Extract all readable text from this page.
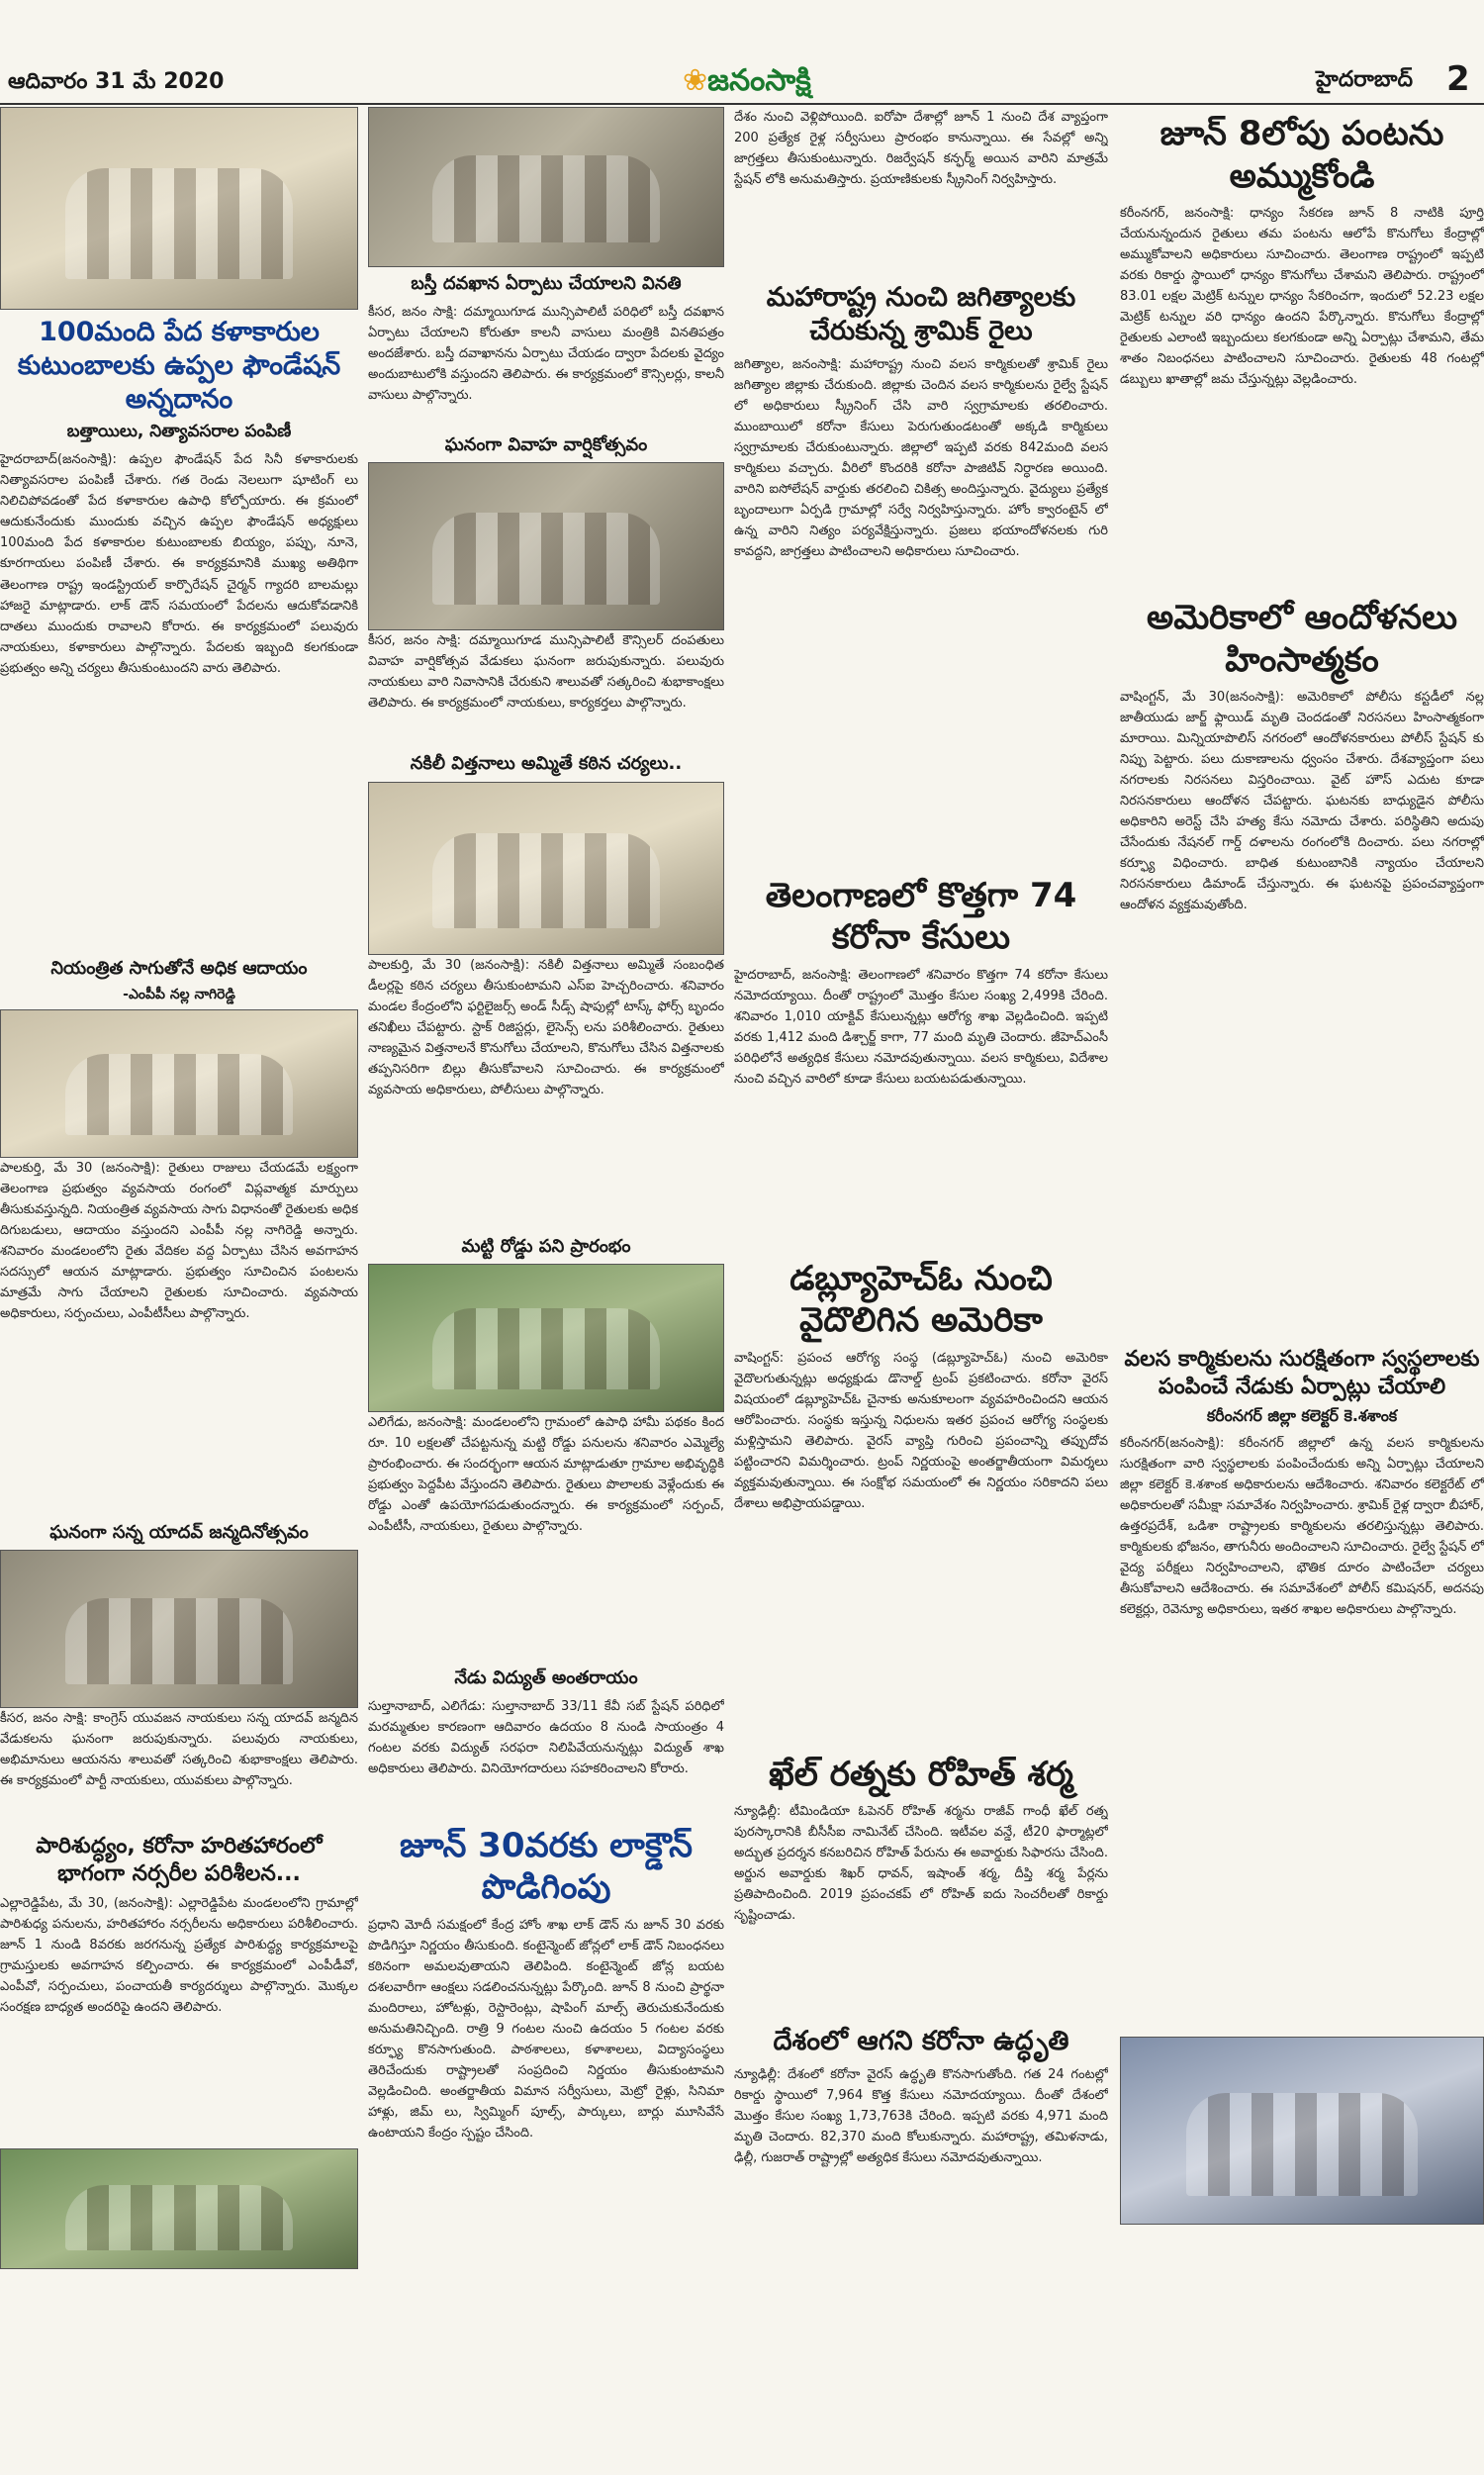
ఆదివారం 31 మే 2020	❀జనంసాక్షి	హైదరాబాద్ 2
100మంది పేద కళాకారుల కుటుంబాలకు ఉప్పల ఫౌండేషన్ అన్నదానం
బత్తాయిలు, నిత్యావసరాల పంపిణీ

హైదరాబాద్(జనంసాక్షి): ఉప్పల ఫౌండేషన్ పేద సినీ కళాకారులకు నిత్యావసరాల పంపిణీ చేశారు. గత రెండు నెలలుగా షూటింగ్ లు నిలిచిపోవడంతో పేద కళాకారుల ఉపాధి కోల్పోయారు. ఈ క్రమంలో ఆదుకునేందుకు ముందుకు వచ్చిన ఉప్పల ఫౌండేషన్ అధ్యక్షులు 100మంది పేద కళాకారుల కుటుంబాలకు బియ్యం, పప్పు, నూనె, కూరగాయలు పంపిణీ చేశారు. ఈ కార్యక్రమానికి ముఖ్య అతిథిగా తెలంగాణ రాష్ట్ర ఇండస్ట్రియల్ కార్పొరేషన్ చైర్మన్ గ్యాదరి బాలమల్లు హాజరై మాట్లాడారు. లాక్ డౌన్ సమయంలో పేదలను ఆదుకోవడానికి దాతలు ముందుకు రావాలని కోరారు. ఈ కార్యక్రమంలో పలువురు నాయకులు, కళాకారులు పాల్గొన్నారు. పేదలకు ఇబ్బంది కలగకుండా ప్రభుత్వం అన్ని చర్యలు తీసుకుంటుందని వారు తెలిపారు.

నియంత్రిత సాగుతోనే అధిక ఆదాయం
-ఎంపీపీ నల్ల నాగిరెడ్డి

పాలకుర్తి, మే 30 (జనంసాక్షి): రైతులు రాజులు చేయడమే లక్ష్యంగా తెలంగాణ ప్రభుత్వం వ్యవసాయ రంగంలో విప్లవాత్మక మార్పులు తీసుకువస్తున్నది. నియంత్రిత వ్యవసాయ సాగు విధానంతో రైతులకు అధిక దిగుబడులు, ఆదాయం వస్తుందని ఎంపీపీ నల్ల నాగిరెడ్డి అన్నారు. శనివారం మండలంలోని రైతు వేదికల వద్ద ఏర్పాటు చేసిన అవగాహన సదస్సులో ఆయన మాట్లాడారు. ప్రభుత్వం సూచించిన పంటలను మాత్రమే సాగు చేయాలని రైతులకు సూచించారు. వ్యవసాయ అధికారులు, సర్పంచులు, ఎంపీటీసీలు పాల్గొన్నారు.

ఘనంగా సన్న యాదవ్ జన్మదినోత్సవం

కీసర, జనం సాక్షి: కాంగ్రెస్ యువజన నాయకులు సన్న యాదవ్ జన్మదిన వేడుకలను ఘనంగా జరుపుకున్నారు. పలువురు నాయకులు, అభిమానులు ఆయనను శాలువతో సత్కరించి శుభాకాంక్షలు తెలిపారు. ఈ కార్యక్రమంలో పార్టీ నాయకులు, యువకులు పాల్గొన్నారు.

పారిశుద్ధ్యం, కరోనా హరితహారంలో భాగంగా నర్సరీల పరిశీలన...

ఎల్లారెడ్డిపేట, మే 30, (జనంసాక్షి): ఎల్లారెడ్డిపేట మండలంలోని గ్రామాల్లో పారిశుధ్య పనులను, హరితహారం నర్సరీలను అధికారులు పరిశీలించారు. జూన్ 1 నుండి 8వరకు జరగనున్న ప్రత్యేక పారిశుద్ధ్య కార్యక్రమాలపై గ్రామస్తులకు అవగాహన కల్పించారు. ఈ కార్యక్రమంలో ఎంపీడీవో, ఎంపీవో, సర్పంచులు, పంచాయతీ కార్యదర్శులు పాల్గొన్నారు. మొక్కల సంరక్షణ బాధ్యత అందరిపై ఉందని తెలిపారు.

బస్తీ దవఖాన ఏర్పాటు చేయాలని వినతి

కీసర, జనం సాక్షి: దమ్మాయిగూడ మున్సిపాలిటీ పరిధిలో బస్తీ దవఖాన ఏర్పాటు చేయాలని కోరుతూ కాలనీ వాసులు మంత్రికి వినతిపత్రం అందజేశారు. బస్తీ దవాఖానను ఏర్పాటు చేయడం ద్వారా పేదలకు వైద్యం అందుబాటులోకి వస్తుందని తెలిపారు. ఈ కార్యక్రమంలో కౌన్సిలర్లు, కాలనీ వాసులు పాల్గొన్నారు.

ఘనంగా వివాహ వార్షికోత్సవం

కీసర, జనం సాక్షి: దమ్మాయిగూడ మున్సిపాలిటీ కౌన్సిలర్ దంపతులు వివాహ వార్షికోత్సవ వేడుకలు ఘనంగా జరుపుకున్నారు. పలువురు నాయకులు వారి నివాసానికి చేరుకుని శాలువతో సత్కరించి శుభాకాంక్షలు తెలిపారు. ఈ కార్యక్రమంలో నాయకులు, కార్యకర్తలు పాల్గొన్నారు.

నకిలీ విత్తనాలు అమ్మితే కఠిన చర్యలు..

పాలకుర్తి, మే 30 (జనంసాక్షి): నకిలీ విత్తనాలు అమ్మితే సంబంధిత డీలర్లపై కఠిన చర్యలు తీసుకుంటామని ఎస్ఐ హెచ్చరించారు. శనివారం మండల కేంద్రంలోని ఫర్టిలైజర్స్ అండ్ సీడ్స్ షాపుల్లో టాస్క్ ఫోర్స్ బృందం తనిఖీలు చేపట్టారు. స్టాక్ రిజిస్టర్లు, లైసెన్స్ లను పరిశీలించారు. రైతులు నాణ్యమైన విత్తనాలనే కొనుగోలు చేయాలని, కొనుగోలు చేసిన విత్తనాలకు తప్పనిసరిగా బిల్లు తీసుకోవాలని సూచించారు. ఈ కార్యక్రమంలో వ్యవసాయ అధికారులు, పోలీసులు పాల్గొన్నారు.

మట్టి రోడ్డు పని ప్రారంభం

ఎలిగేడు, జనంసాక్షి: మండలంలోని గ్రామంలో ఉపాధి హామీ పథకం కింద రూ. 10 లక్షలతో చేపట్టనున్న మట్టి రోడ్డు పనులను శనివారం ఎమ్మెల్యే ప్రారంభించారు. ఈ సందర్భంగా ఆయన మాట్లాడుతూ గ్రామాల అభివృద్ధికి ప్రభుత్వం పెద్దపీట వేస్తుందని తెలిపారు. రైతులు పొలాలకు వెళ్లేందుకు ఈ రోడ్డు ఎంతో ఉపయోగపడుతుందన్నారు. ఈ కార్యక్రమంలో సర్పంచ్, ఎంపీటీసీ, నాయకులు, రైతులు పాల్గొన్నారు.

నేడు విద్యుత్ అంతరాయం

సుల్తానాబాద్, ఎలిగేడు: సుల్తానాబాద్ 33/11 కేవీ సబ్ స్టేషన్ పరిధిలో మరమ్మతుల కారణంగా ఆదివారం ఉదయం 8 నుండి సాయంత్రం 4 గంటల వరకు విద్యుత్ సరఫరా నిలిపివేయనున్నట్లు విద్యుత్ శాఖ అధికారులు తెలిపారు. వినియోగదారులు సహకరించాలని కోరారు.

జూన్ 30వరకు లాక్డౌన్ పొడిగింపు

ప్రధాని మోదీ సమక్షంలో కేంద్ర హోం శాఖ లాక్ డౌన్ ను జూన్ 30 వరకు పొడిగిస్తూ నిర్ణయం తీసుకుంది. కంటైన్మెంట్ జోన్లలో లాక్ డౌన్ నిబంధనలు కఠినంగా అమలవుతాయని తెలిపింది. కంటైన్మెంట్ జోన్ల బయట దశలవారీగా ఆంక్షలు సడలించనున్నట్లు పేర్కొంది. జూన్ 8 నుంచి ప్రార్థనా మందిరాలు, హోటళ్లు, రెస్టారెంట్లు, షాపింగ్ మాల్స్ తెరుచుకునేందుకు అనుమతినిచ్చింది. రాత్రి 9 గంటల నుంచి ఉదయం 5 గంటల వరకు కర్ఫ్యూ కొనసాగుతుంది. పాఠశాలలు, కళాశాలలు, విద్యాసంస్థలు తెరిచేందుకు రాష్ట్రాలతో సంప్రదించి నిర్ణయం తీసుకుంటామని వెల్లడించింది. అంతర్జాతీయ విమాన సర్వీసులు, మెట్రో రైళ్లు, సినిమా హాళ్లు, జిమ్ లు, స్విమ్మింగ్ పూల్స్, పార్కులు, బార్లు మూసివేసే ఉంటాయని కేంద్రం స్పష్టం చేసింది.

దేశం నుంచి వెళ్లిపోయింది. ఐరోపా దేశాల్లో జూన్ 1 నుంచి దేశ వ్యాప్తంగా 200 ప్రత్యేక రైళ్ల సర్వీసులు ప్రారంభం కానున్నాయి. ఈ సేవల్లో అన్ని జాగ్రత్తలు తీసుకుంటున్నారు. రిజర్వేషన్ కన్ఫర్మ్ అయిన వారిని మాత్రమే స్టేషన్ లోకి అనుమతిస్తారు. ప్రయాణికులకు స్క్రీనింగ్ నిర్వహిస్తారు.

మహారాష్ట్ర నుంచి జగిత్యాలకు చేరుకున్న శ్రామిక్ రైలు

జగిత్యాల, జనంసాక్షి: మహారాష్ట్ర నుంచి వలస కార్మికులతో శ్రామిక్ రైలు జగిత్యాల జిల్లాకు చేరుకుంది. జిల్లాకు చెందిన వలస కార్మికులను రైల్వే స్టేషన్ లో అధికారులు స్క్రీనింగ్ చేసి వారి స్వగ్రామాలకు తరలించారు. ముంబాయిలో కరోనా కేసులు పెరుగుతుండటంతో అక్కడి కార్మికులు స్వగ్రామాలకు చేరుకుంటున్నారు. జిల్లాలో ఇప్పటి వరకు 842మంది వలస కార్మికులు వచ్చారు. వీరిలో కొందరికి కరోనా పాజిటివ్ నిర్ధారణ అయింది. వారిని ఐసోలేషన్ వార్డుకు తరలించి చికిత్స అందిస్తున్నారు. వైద్యులు ప్రత్యేక బృందాలుగా ఏర్పడి గ్రామాల్లో సర్వే నిర్వహిస్తున్నారు. హోం క్వారంటైన్ లో ఉన్న వారిని నిత్యం పర్యవేక్షిస్తున్నారు. ప్రజలు భయాందోళనలకు గురి కావద్దని, జాగ్రత్తలు పాటించాలని అధికారులు సూచించారు.

తెలంగాణలో కొత్తగా 74 కరోనా కేసులు

హైదరాబాద్, జనంసాక్షి: తెలంగాణలో శనివారం కొత్తగా 74 కరోనా కేసులు నమోదయ్యాయి. దీంతో రాష్ట్రంలో మొత్తం కేసుల సంఖ్య 2,499కి చేరింది. శనివారం 1,010 యాక్టివ్ కేసులున్నట్లు ఆరోగ్య శాఖ వెల్లడించింది. ఇప్పటి వరకు 1,412 మంది డిశ్చార్జ్ కాగా, 77 మంది మృతి చెందారు. జీహెచ్ఎంసీ పరిధిలోనే అత్యధిక కేసులు నమోదవుతున్నాయి. వలస కార్మికులు, విదేశాల నుంచి వచ్చిన వారిలో కూడా కేసులు బయటపడుతున్నాయి.

డబ్ల్యూహెచ్ఓ నుంచి వైదొలిగిన అమెరికా

వాషింగ్టన్: ప్రపంచ ఆరోగ్య సంస్థ (డబ్ల్యూహెచ్ఓ) నుంచి అమెరికా వైదొలగుతున్నట్లు అధ్యక్షుడు డొనాల్డ్ ట్రంప్ ప్రకటించారు. కరోనా వైరస్ విషయంలో డబ్ల్యూహెచ్ఓ చైనాకు అనుకూలంగా వ్యవహరించిందని ఆయన ఆరోపించారు. సంస్థకు ఇస్తున్న నిధులను ఇతర ప్రపంచ ఆరోగ్య సంస్థలకు మళ్లిస్తామని తెలిపారు. వైరస్ వ్యాప్తి గురించి ప్రపంచాన్ని తప్పుదోవ పట్టించారని విమర్శించారు. ట్రంప్ నిర్ణయంపై అంతర్జాతీయంగా విమర్శలు వ్యక్తమవుతున్నాయి. ఈ సంక్షోభ సమయంలో ఈ నిర్ణయం సరికాదని పలు దేశాలు అభిప్రాయపడ్డాయి.

ఖేల్ రత్నకు రోహిత్ శర్మ

న్యూఢిల్లీ: టీమిండియా ఓపెనర్ రోహిత్ శర్మను రాజీవ్ గాంధీ ఖేల్ రత్న పురస్కారానికి బీసీసీఐ నామినేట్ చేసింది. ఇటీవల వన్డే, టీ20 ఫార్మాట్లలో అద్భుత ప్రదర్శన కనబరిచిన రోహిత్ పేరును ఈ అవార్డుకు సిఫారసు చేసింది. అర్జున అవార్డుకు శిఖర్ ధావన్, ఇషాంత్ శర్మ, దీప్తి శర్మ పేర్లను ప్రతిపాదించింది. 2019 ప్రపంచకప్ లో రోహిత్ ఐదు సెంచరీలతో రికార్డు సృష్టించాడు.

దేశంలో ఆగని కరోనా ఉద్ధృతి

న్యూఢిల్లీ: దేశంలో కరోనా వైరస్ ఉద్ధృతి కొనసాగుతోంది. గత 24 గంటల్లో రికార్డు స్థాయిలో 7,964 కొత్త కేసులు నమోదయ్యాయి. దీంతో దేశంలో మొత్తం కేసుల సంఖ్య 1,73,763కి చేరింది. ఇప్పటి వరకు 4,971 మంది మృతి చెందారు. 82,370 మంది కోలుకున్నారు. మహారాష్ట్ర, తమిళనాడు, ఢిల్లీ, గుజరాత్ రాష్ట్రాల్లో అత్యధిక కేసులు నమోదవుతున్నాయి.

జూన్ 8లోపు పంటను అమ్ముకోండి

కరీంనగర్, జనంసాక్షి: ధాన్యం సేకరణ జూన్ 8 నాటికి పూర్తి చేయనున్నందున రైతులు తమ పంటను ఆలోపే కొనుగోలు కేంద్రాల్లో అమ్ముకోవాలని అధికారులు సూచించారు. తెలంగాణ రాష్ట్రంలో ఇప్పటి వరకు రికార్డు స్థాయిలో ధాన్యం కొనుగోలు చేశామని తెలిపారు. రాష్ట్రంలో 83.01 లక్షల మెట్రిక్ టన్నుల ధాన్యం సేకరించగా, ఇందులో 52.23 లక్షల మెట్రిక్ టన్నుల వరి ధాన్యం ఉందని పేర్కొన్నారు. కొనుగోలు కేంద్రాల్లో రైతులకు ఎలాంటి ఇబ్బందులు కలగకుండా అన్ని ఏర్పాట్లు చేశామని, తేమ శాతం నిబంధనలు పాటించాలని సూచించారు. రైతులకు 48 గంటల్లో డబ్బులు ఖాతాల్లో జమ చేస్తున్నట్లు వెల్లడించారు.

అమెరికాలో ఆందోళనలు హింసాత్మకం

వాషింగ్టన్, మే 30(జనంసాక్షి): అమెరికాలో పోలీసు కస్టడీలో నల్ల జాతీయుడు జార్జ్ ఫ్లాయిడ్ మృతి చెందడంతో నిరసనలు హింసాత్మకంగా మారాయి. మిన్నియాపొలిస్ నగరంలో ఆందోళనకారులు పోలీస్ స్టేషన్ కు నిప్పు పెట్టారు. పలు దుకాణాలను ధ్వంసం చేశారు. దేశవ్యాప్తంగా పలు నగరాలకు నిరసనలు విస్తరించాయి. వైట్ హౌస్ ఎదుట కూడా నిరసనకారులు ఆందోళన చేపట్టారు. ఘటనకు బాధ్యుడైన పోలీసు అధికారిని అరెస్ట్ చేసి హత్య కేసు నమోదు చేశారు. పరిస్థితిని అదుపు చేసేందుకు నేషనల్ గార్డ్ దళాలను రంగంలోకి దించారు. పలు నగరాల్లో కర్ఫ్యూ విధించారు. బాధిత కుటుంబానికి న్యాయం చేయాలని నిరసనకారులు డిమాండ్ చేస్తున్నారు. ఈ ఘటనపై ప్రపంచవ్యాప్తంగా ఆందోళన వ్యక్తమవుతోంది.

వలస కార్మికులను సురక్షితంగా స్వస్థలాలకు పంపించే నేడుకు ఏర్పాట్లు చేయాలి
కరీంనగర్ జిల్లా కలెక్టర్ కె.శశాంక

కరీంనగర్(జనంసాక్షి): కరీంనగర్ జిల్లాలో ఉన్న వలస కార్మికులను సురక్షితంగా వారి స్వస్థలాలకు పంపించేందుకు అన్ని ఏర్పాట్లు చేయాలని జిల్లా కలెక్టర్ కె.శశాంక అధికారులను ఆదేశించారు. శనివారం కలెక్టరేట్ లో అధికారులతో సమీక్షా సమావేశం నిర్వహించారు. శ్రామిక్ రైళ్ల ద్వారా బీహార్, ఉత్తరప్రదేశ్, ఒడిశా రాష్ట్రాలకు కార్మికులను తరలిస్తున్నట్లు తెలిపారు. కార్మికులకు భోజనం, తాగునీరు అందించాలని సూచించారు. రైల్వే స్టేషన్ లో వైద్య పరీక్షలు నిర్వహించాలని, భౌతిక దూరం పాటించేలా చర్యలు తీసుకోవాలని ఆదేశించారు. ఈ సమావేశంలో పోలీస్ కమిషనర్, అదనపు కలెక్టర్లు, రెవెన్యూ అధికారులు, ఇతర శాఖల అధికారులు పాల్గొన్నారు.
